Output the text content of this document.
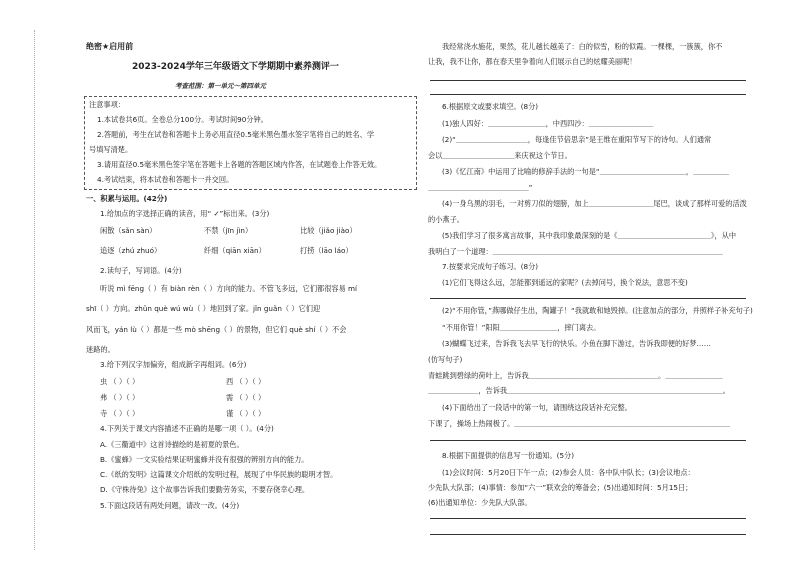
绝密★启用前
2023-2024学年三年级语文下学期期中素养测评一
考查范围：第一单元～第四单元
注意事项：
1.本试卷共6页。全卷总分100分。考试时间90分钟。
2.答题前，考生在试卷和答题卡上务必用直径0.5毫米黑色墨水签字笔将自己的姓名、学
号填写清楚。
3.请用直径0.5毫米黑色签字笔在答题卡上各题的答题区域内作答，在试题卷上作答无效。
4.考试结束，将本试卷和答题卡一并交回。
一、积累与运用。(42分)
1.给加点的字选择正确的读音，用“ ✓”标出来。(3分)
闲散（sǎn sàn）	不禁（jīn jìn）	比较（jiǎo jiào）
追逐（zhú zhuó）	纤细（qiān xiān）	打捞（lāo láo）
2.读句子，写词语。(4分)
听说 mì fēng（ ）有 biàn rèn（ ）方向的能力。不管飞多远，它们都很容易 mí
shī（ ）方向。zhǔn què wú wù（ ）地回到了家。jǐn guǎn（ ）它们迎
风而飞，yán lù（ ）都是一些 mò shēng（ ）的景物，但它们 què shí（ ）不会
迷路的。
3.给下列汉字加偏旁，组成新字再组词。(6分)
虫 （ ）（ ）	西 （ ）（ ）
弗 （ ）（ ）	需 （ ）（ ）
寺 （ ）（ ）	谨 （ ）（ ）
4.下列关于课文内容描述不正确的是哪一项（ ）。(4分)
A.《三衢道中》这首诗描绘的是初夏的景色。
B.《蜜蜂》一文实验结果证明蜜蜂并没有很强的辨别方向的能力。
C.《纸的发明》这篇课文介绍纸的发明过程，展现了中华民族的聪明才智。
D.《守株待兔》这个故事告诉我们要勤劳务实，不要存侥幸心理。
5.下面这段话有两处问题，请改一改。(4分)
我经常浇水施花，果然，花儿越长越美了：白的似雪，粉的似霞。一棵棵，一簇簇，你不
让我，我不让你，都在春天里争着向人们展示自己的炫耀美丽呢！
6.根据原文或要求填空。(8分)
(1)独人四好：＿＿＿＿＿＿＿＿，中西四沙：＿＿＿＿＿＿＿＿＿
(2)“＿＿＿＿＿＿＿＿＿＿，每逢佳节倍思亲”是王维在重阳节写下的诗句。人们通常
会以＿＿＿＿＿＿＿＿＿＿来庆祝这个节日。
(3)《忆江南》中运用了比喻的修辞手法的一句是“＿＿＿＿＿＿＿＿＿＿＿＿，＿＿＿＿＿
＿＿＿＿＿＿＿＿＿＿＿＿＿＿”
(4)一身乌黑的羽毛，一对剪刀似的翅膀，加上＿＿＿＿＿＿＿＿＿尾巴，谈成了那样可爱的活泼
的小燕子。
(5)我们学习了很多寓言故事，其中我印象最深刻的是《＿＿＿＿＿＿＿＿＿＿＿＿＿》，从中
我明白了一个道理：＿＿＿＿＿＿＿＿＿＿＿＿＿＿＿＿＿＿＿＿＿＿＿＿＿＿＿＿＿＿＿＿
7.按要求完成句子练习。(8分)
(1)它们飞得这么远，怎能都到遥远的家呢？(去掉问号，换个说法，意思不变)
(2)“不用你管，”燕哪做仔生出，陶罐子！“我就敢和她毁掉。(注意加点的部分，并照样子补充句子)
“不用你管！”阳阳＿＿＿＿＿＿＿＿，摔门离去。
(3)蝴蝶飞过来，告诉我飞去早飞行的快乐。小鱼在脚下游过，告诉我即便的好梦……
(仿写句子)
青蛙跳到碧绿的荷叶上，告诉我＿＿＿＿＿＿＿＿＿＿＿＿＿＿＿＿＿＿。＿＿＿＿＿＿＿＿
＿＿＿＿＿＿＿，告诉我＿＿＿＿＿＿＿＿＿＿＿＿＿＿＿＿＿＿＿＿＿＿＿＿＿＿＿＿＿＿。
(4)下面给出了一段话中的第一句，请围绕这段话补充完整。
下课了，操场上热闹极了。＿＿＿＿＿＿＿＿＿＿＿＿＿＿＿＿＿＿＿＿＿＿＿＿＿＿＿＿＿＿
8.根据下面提供的信息写一份通知。(5分)
(1)会议时间：5月20日下午一点；(2)参会人员：各中队中队长；(3)会议地点：
少先队大队部；(4)事情：参加“六一”联欢会的筹备会；(5)出通知时间：5月15日；
(6)出通知单位：少先队大队部。
